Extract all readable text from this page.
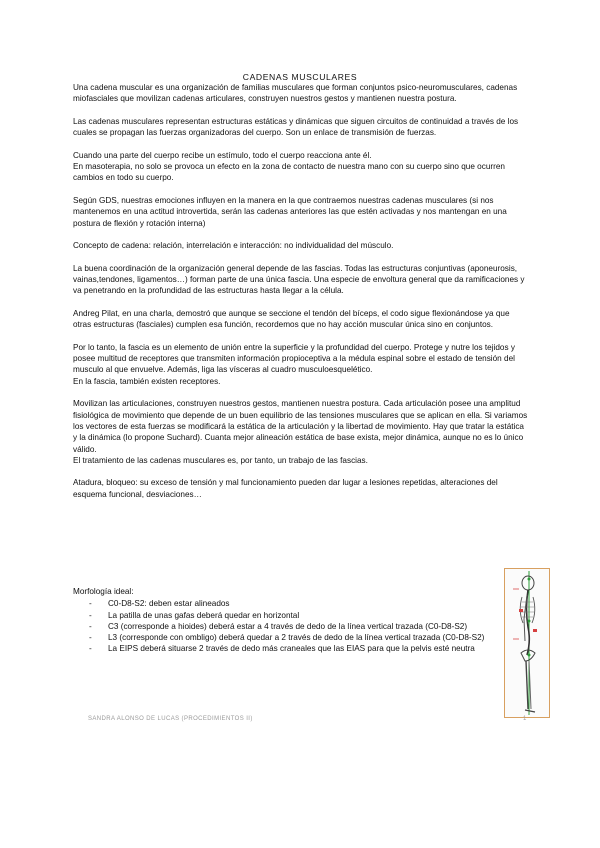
CADENAS MUSCULARES

Una cadena muscular es una organización de familias musculares que forman conjuntos psico-neuromusculares, cadenas miofasciales que movilizan cadenas articulares, construyen nuestros gestos y mantienen nuestra postura.

Las cadenas musculares representan estructuras estáticas y dinámicas que siguen circuitos de continuidad a través de los cuales se propagan las fuerzas organizadoras del cuerpo. Son un enlace de transmisión de fuerzas.

Cuando una parte del cuerpo recibe un estímulo, todo el cuerpo reacciona ante él.
En masoterapia, no solo se provoca un efecto en la zona de contacto de nuestra mano con su cuerpo sino que ocurren cambios en todo su cuerpo.

Según GDS, nuestras emociones influyen en la manera en la que contraemos nuestras cadenas musculares (si nos mantenemos en una actitud introvertida, serán las cadenas anteriores las que estén activadas y nos mantengan en una postura de flexión y rotación interna)

Concepto de cadena: relación, interrelación e interacción: no individualidad del músculo.

La buena coordinación de la organización general depende de las fascias. Todas las estructuras conjuntivas (aponeurosis, vainas,tendones, ligamentos…) forman parte de una única fascia. Una especie de envoltura general que da ramificaciones y va penetrando en la profundidad de las estructuras hasta llegar a la célula.

Andreg Pilat, en una charla, demostró que aunque se seccione el tendón del bíceps, el codo sigue flexionándose ya que otras estructuras (fasciales) cumplen esa función, recordemos que no hay acción muscular única sino en conjuntos.

Por lo tanto, la fascia es un elemento de unión entre la superficie y la profundidad del cuerpo. Protege y nutre los tejidos y posee multitud de receptores que transmiten información propioceptiva a la médula espinal sobre el estado de tensión del musculo al que envuelve. Además, liga las vísceras al cuadro musculoesquelético.
En la fascia, también existen receptores.

Movilizan las articulaciones, construyen nuestros gestos, mantienen nuestra postura. Cada articulación posee una amplitud fisiológica de movimiento que depende de un buen equilibrio de las tensiones musculares que se aplican en ella. Si variamos los vectores de esta fuerzas se modificará la estática de la articulación y la libertad de movimiento. Hay que tratar la estática y la dinámica (lo propone Suchard). Cuanta mejor alineación estática de base exista, mejor dinámica, aunque no es lo único válido.
El tratamiento de las cadenas musculares es, por tanto, un trabajo de las fascias.

Atadura, bloqueo: su exceso de tensión y mal funcionamiento pueden dar lugar a lesiones repetidas, alteraciones del esquema funcional, desviaciones…

Morfología ideal:
- C0-D8-S2: deben estar alineados
- La patilla de unas gafas deberá quedar en horizontal
- C3 (corresponde a hioides) deberá estar a 4 través de dedo de la línea vertical trazada (C0-D8-S2)
- L3 (corresponde con ombligo) deberá quedar a 2 través de dedo de la línea vertical trazada (C0-D8-S2)
- La EIPS deberá situarse 2 través de dedo más craneales que las EIAS para que la pelvis esté neutra
SANDRA ALONSO DE LUCAS (PROCEDIMIENTOS II)	1
